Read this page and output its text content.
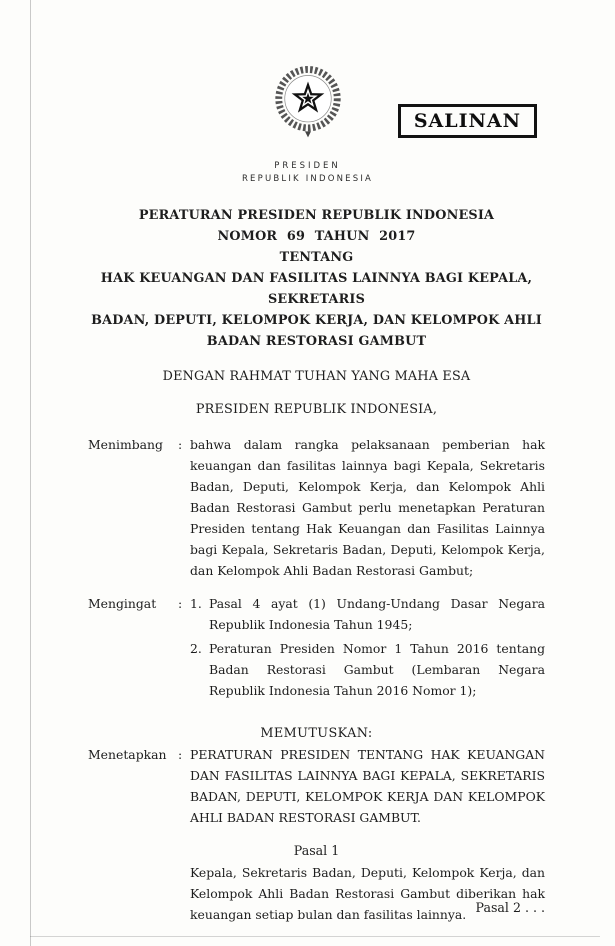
SALINAN
PRESIDEN
REPUBLIK INDONESIA
PERATURAN PRESIDEN REPUBLIK INDONESIA
NOMOR 69 TAHUN 2017
TENTANG
HAK KEUANGAN DAN FASILITAS LAINNYA BAGI KEPALA, SEKRETARIS
BADAN, DEPUTI, KELOMPOK KERJA, DAN KELOMPOK AHLI
BADAN RESTORASI GAMBUT
DENGAN RAHMAT TUHAN YANG MAHA ESA
PRESIDEN REPUBLIK INDONESIA,
Menimbang	: bahwa dalam rangka pelaksanaan pemberian hak keuangan dan fasilitas lainnya bagi Kepala, Sekretaris Badan, Deputi, Kelompok Kerja, dan Kelompok Ahli Badan Restorasi Gambut perlu menetapkan Peraturan Presiden tentang Hak Keuangan dan Fasilitas Lainnya bagi Kepala, Sekretaris Badan, Deputi, Kelompok Kerja, dan Kelompok Ahli Badan Restorasi Gambut;
Mengingat	: 1. Pasal 4 ayat (1) Undang-Undang Dasar Negara Republik Indonesia Tahun 1945;
2. Peraturan Presiden Nomor 1 Tahun 2016 tentang Badan Restorasi Gambut (Lembaran Negara Republik Indonesia Tahun 2016 Nomor 1);
MEMUTUSKAN:
Menetapkan : PERATURAN PRESIDEN TENTANG HAK KEUANGAN DAN FASILITAS LAINNYA BAGI KEPALA, SEKRETARIS BADAN, DEPUTI, KELOMPOK KERJA DAN KELOMPOK AHLI BADAN RESTORASI GAMBUT.
Pasal 1
Kepala, Sekretaris Badan, Deputi, Kelompok Kerja, dan Kelompok Ahli Badan Restorasi Gambut diberikan hak keuangan setiap bulan dan fasilitas lainnya. Pasal 2 . . .
